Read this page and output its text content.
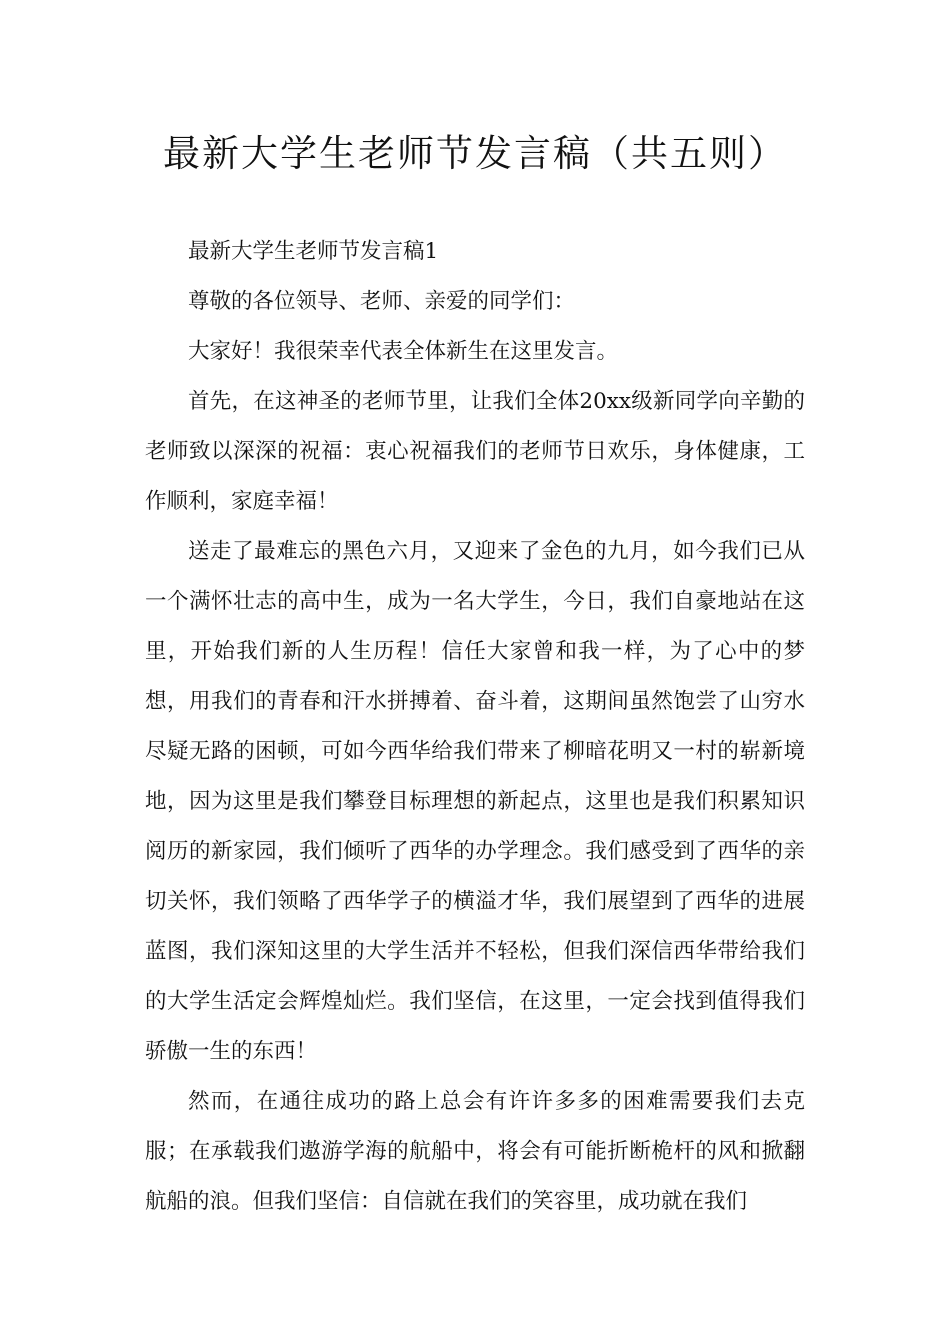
最新大学生老师节发言稿（共五则）

最新大学生老师节发言稿1

尊敬的各位领导、老师、亲爱的同学们：

大家好！我很荣幸代表全体新生在这里发言。

首先，在这神圣的老师节里，让我们全体20xx级新同学向辛勤的老师致以深深的祝福：衷心祝福我们的老师节日欢乐，身体健康，工作顺利，家庭幸福！

送走了最难忘的黑色六月，又迎来了金色的九月，如今我们已从一个满怀壮志的高中生，成为一名大学生，今日，我们自豪地站在这里，开始我们新的人生历程！信任大家曾和我一样，为了心中的梦想，用我们的青春和汗水拼搏着、奋斗着，这期间虽然饱尝了山穷水尽疑无路的困顿，可如今西华给我们带来了柳暗花明又一村的崭新境地，因为这里是我们攀登目标理想的新起点，这里也是我们积累知识阅历的新家园，我们倾听了西华的办学理念。我们感受到了西华的亲切关怀，我们领略了西华学子的横溢才华，我们展望到了西华的进展蓝图，我们深知这里的大学生活并不轻松，但我们深信西华带给我们的大学生活定会辉煌灿烂。我们坚信，在这里，一定会找到值得我们骄傲一生的东西！

然而，在通往成功的路上总会有许许多多的困难需要我们去克服；在承载我们遨游学海的航船中，将会有可能折断桅杆的风和掀翻航船的浪。但我们坚信：自信就在我们的笑容里，成功就在我们
